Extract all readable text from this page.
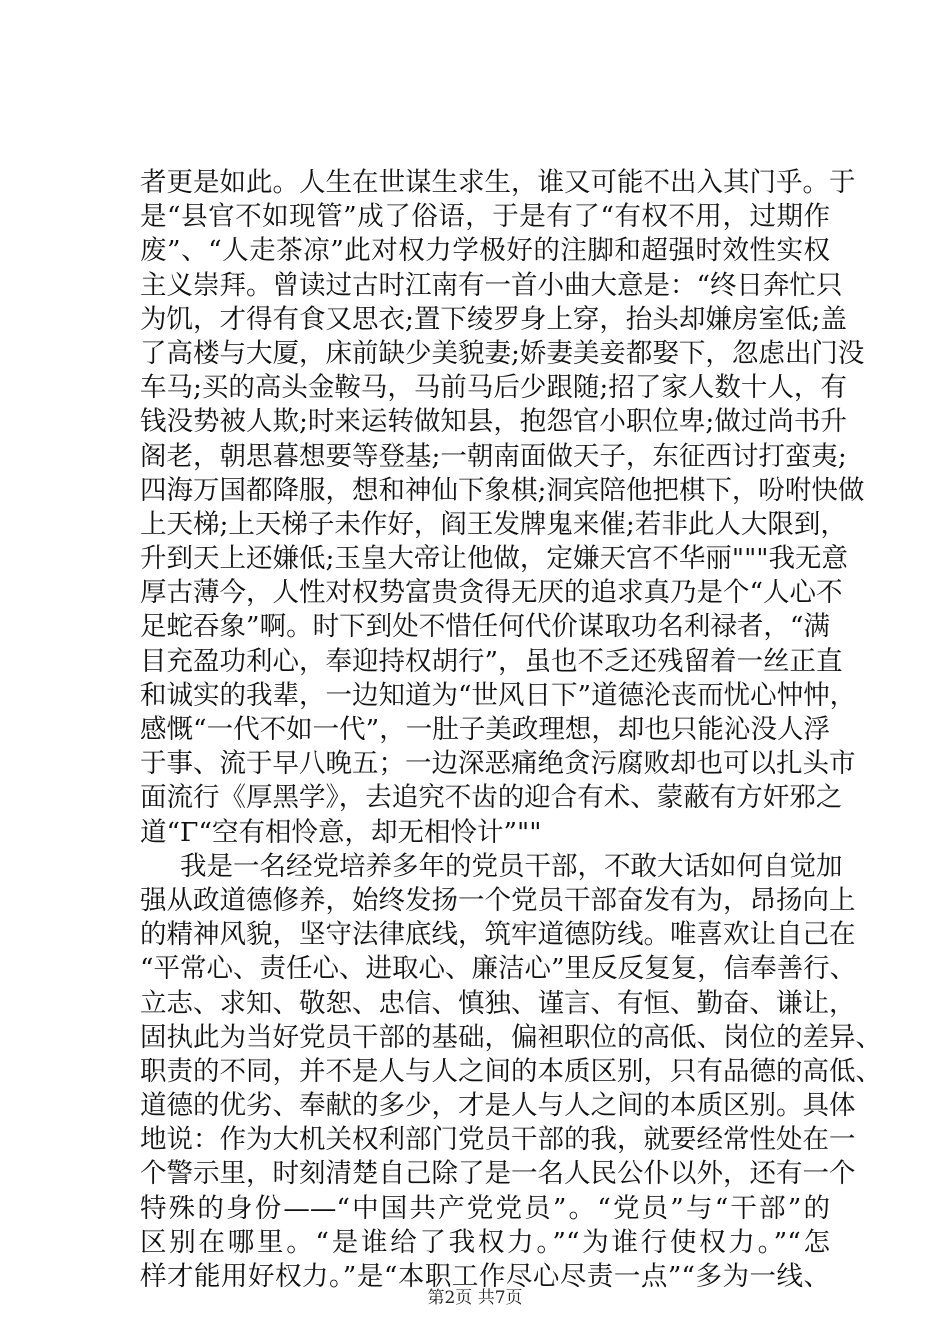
者更是如此。人生在世谋生求生，谁又可能不出入其门乎。于
是“县官不如现管”成了俗语，于是有了“有权不用，过期作
废”、“人走茶凉”此对权力学极好的注脚和超强时效性实权
主义崇拜。曾读过古时江南有一首小曲大意是：“终日奔忙只
为饥，才得有食又思衣;置下绫罗身上穿，抬头却嫌房室低;盖
了高楼与大厦，床前缺少美貌妻;娇妻美妾都娶下，忽虑出门没
车马;买的高头金鞍马，马前马后少跟随;招了家人数十人，有
钱没势被人欺;时来运转做知县，抱怨官小职位卑;做过尚书升
阁老，朝思暮想要等登基;一朝南面做天子，东征西讨打蛮夷;
四海万国都降服，想和神仙下象棋;洞宾陪他把棋下，吩咐快做
上天梯;上天梯子未作好，阎王发牌鬼来催;若非此人大限到，
升到天上还嫌低;玉皇大帝让他做，定嫌天宫不华丽"""我无意
厚古薄今，人性对权势富贵贪得无厌的追求真乃是个“人心不
足蛇吞象”啊。时下到处不惜任何代价谋取功名利禄者，“满
目充盈功利心，奉迎持权胡行”，虽也不乏还残留着一丝正直
和诚实的我辈，一边知道为“世风日下”道德沦丧而忧心忡忡，
感慨“一代不如一代”，一肚子美政理想，却也只能沁没人浮
于事、流于早八晚五；一边深恶痛绝贪污腐败却也可以扎头市
面流行《厚黑学》，去追究不齿的迎合有术、蒙蔽有方奸邪之
道“Γ“空有相怜意，却无相怜计”""
我是一名经党培养多年的党员干部，不敢大话如何自觉加
强从政道德修养，始终发扬一个党员干部奋发有为，昂扬向上
的精神风貌，坚守法律底线，筑牢道德防线。唯喜欢让自己在
“平常心、责任心、进取心、廉洁心”里反反复复，信奉善行、
立志、求知、敬恕、忠信、慎独、谨言、有恒、勤奋、谦让，
固执此为当好党员干部的基础，偏袒职位的高低、岗位的差异、
职责的不同，并不是人与人之间的本质区别，只有品德的高低、
道德的优劣、奉献的多少，才是人与人之间的本质区别。具体
地说：作为大机关权利部门党员干部的我，就要经常性处在一
个警示里，时刻清楚自己除了是一名人民公仆以外，还有一个
特殊的身份——“中国共产党党员”。“党员”与“干部”的
区别在哪里。“是谁给了我权力。”“为谁行使权力。”“怎
样才能用好权力。”是“本职工作尽心尽责一点”“多为一线、
第2页 共7页
